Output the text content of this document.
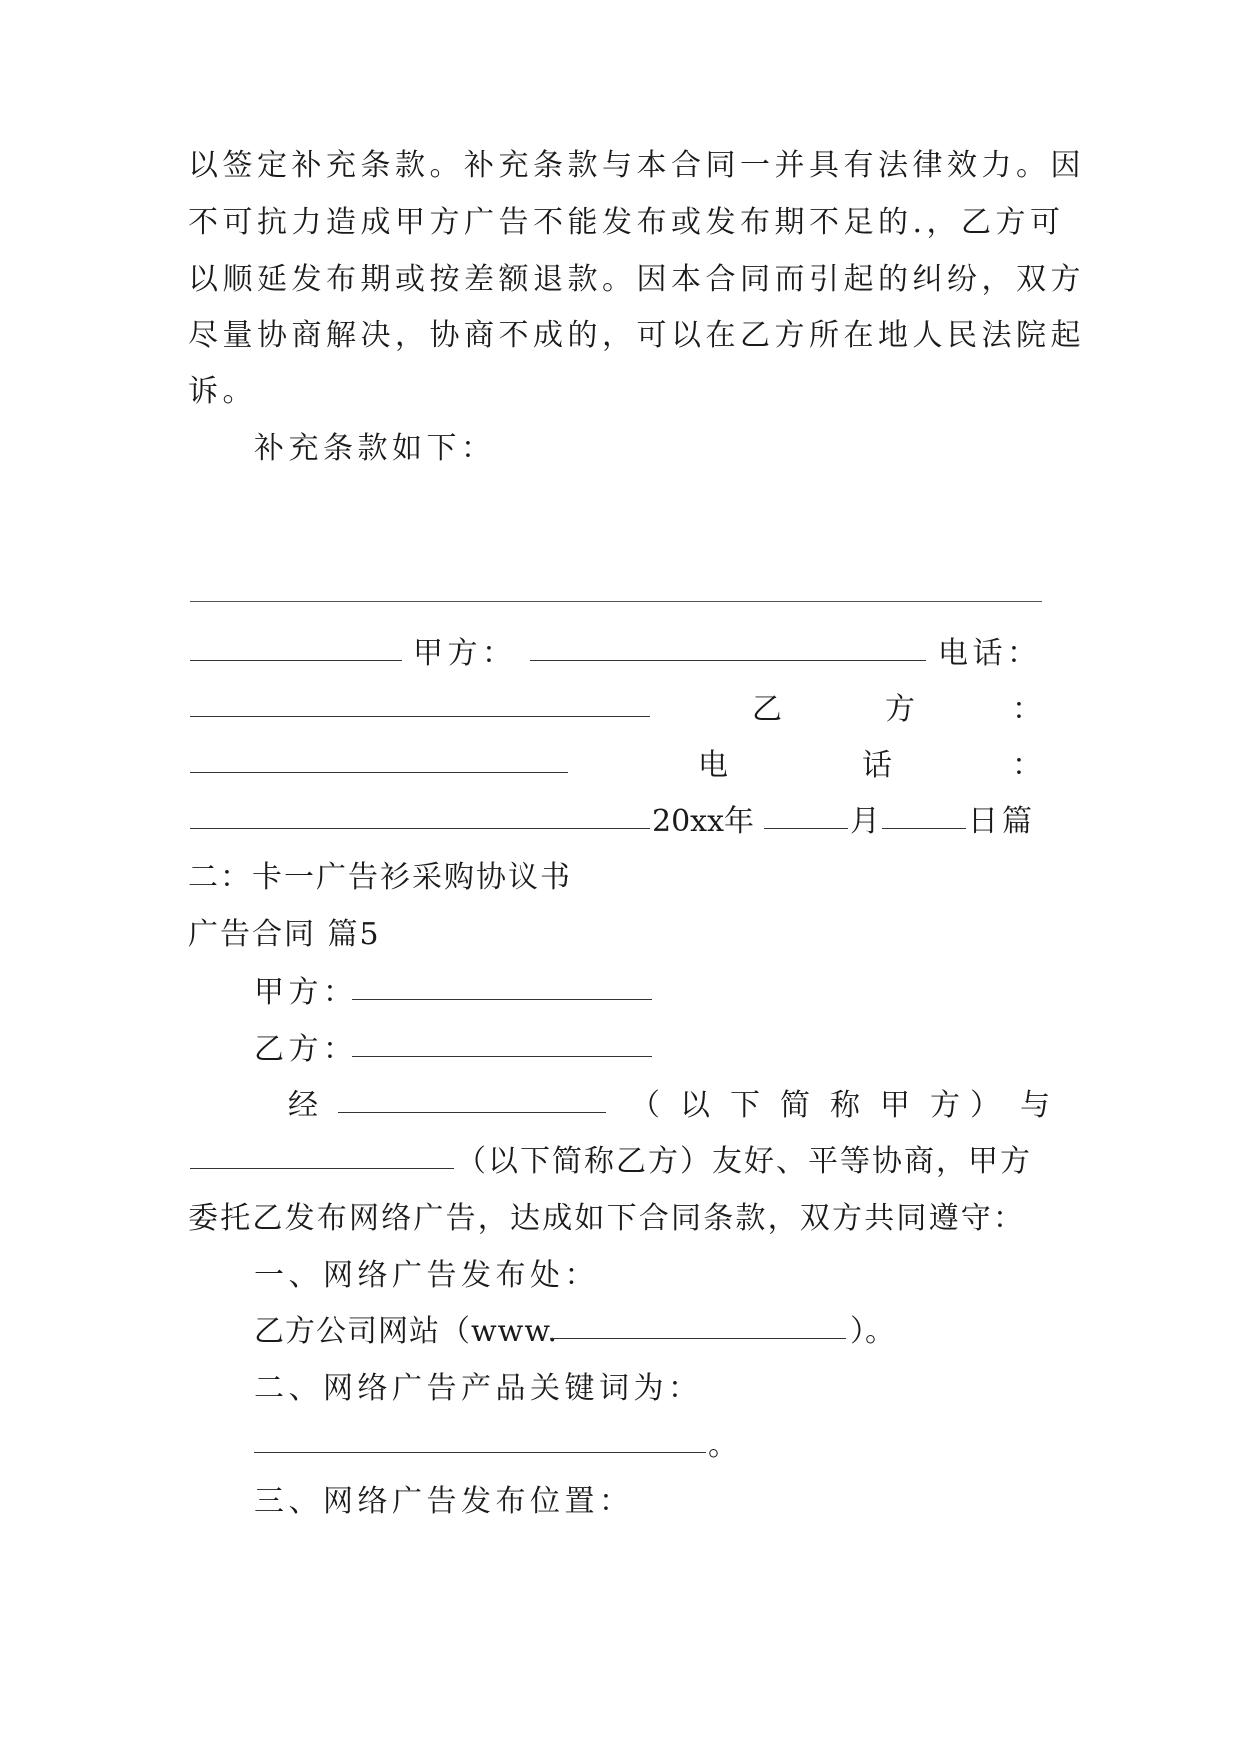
以签定补充条款。补充条款与本合同一并具有法律效力。因

不可抗力造成甲方广告不能发布或发布期不足的.，乙方可

以顺延发布期或按差额退款。因本合同而引起的纠纷，双方

尽量协商解决，协商不成的，可以在乙方所在地人民法院起

诉。

补充条款如下：

甲方：	电话：
乙	方	：
电	话	：
20xx年	月	日篇

二：卡一广告衫采购协议书

广告合同 篇5

甲方：
乙方：
经	（ 以 下 简 称 甲 方 ） 与
（以下简称乙方）友好、平等协商，甲方

委托乙发布网络广告，达成如下合同条款，双方共同遵守：

一、网络广告发布处：

乙方公司网站（www.	）。

二、网络广告产品关键词为：

。

三、网络广告发布位置：
